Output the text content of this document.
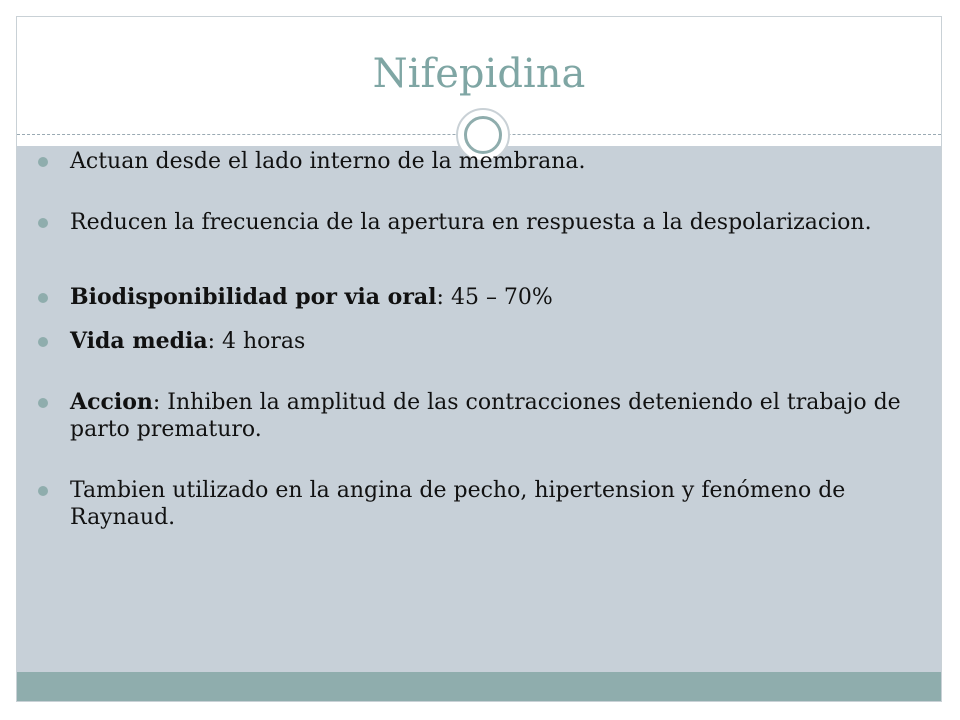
Nifepidina
Actuan desde el lado interno de la membrana.
Reducen la frecuencia de la apertura en respuesta a la despolarizacion.
Biodisponibilidad por via oral: 45 – 70%
Vida media: 4 horas
Accion: Inhiben la amplitud de las contracciones deteniendo el trabajo de parto prematuro.
Tambien utilizado en la angina de pecho, hipertension y fenómeno de Raynaud.
